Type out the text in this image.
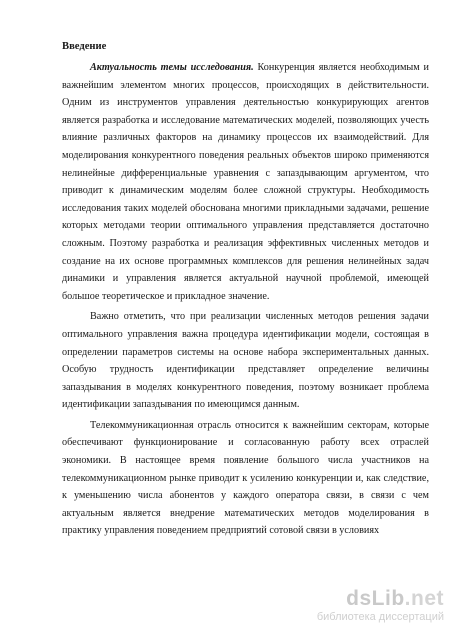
Введение

Актуальность темы исследования. Конкуренция является необходимым и важнейшим элементом многих процессов, происходящих в действительности. Одним из инструментов управления деятельностью конкурирующих агентов является разработка и исследование математических моделей, позволяющих учесть влияние различных факторов на динамику процессов их взаимодействий. Для моделирования конкурентного поведения реальных объектов широко применяются нелинейные дифференциальные уравнения с запаздывающим аргументом, что приводит к динамическим моделям более сложной структуры. Необходимость исследования таких моделей обоснована многими прикладными задачами, решение которых методами теории оптимального управления представляется достаточно сложным. Поэтому разработка и реализация эффективных численных методов и создание на их основе программных комплексов для решения нелинейных задач динамики и управления является актуальной научной проблемой, имеющей большое теоретическое и прикладное значение.

Важно отметить, что при реализации численных методов решения задачи оптимального управления важна процедура идентификации модели, состоящая в определении параметров системы на основе набора экспериментальных данных. Особую трудность идентификации представляет определение величины запаздывания в моделях конкурентного поведения, поэтому возникает проблема идентификации запаздывания по имеющимся данным.

Телекоммуникационная отрасль относится к важнейшим секторам, которые обеспечивают функционирование и согласованную работу всех отраслей экономики. В настоящее время появление большого числа участников на телекоммуникационном рынке приводит к усилению конкуренции и, как следствие, к уменьшению числа абонентов у каждого оператора связи, в связи с чем актуальным является внедрение математических методов моделирования в практику управления поведением предприятий сотовой связи в условиях

dsLib.net
библиотека диссертаций
